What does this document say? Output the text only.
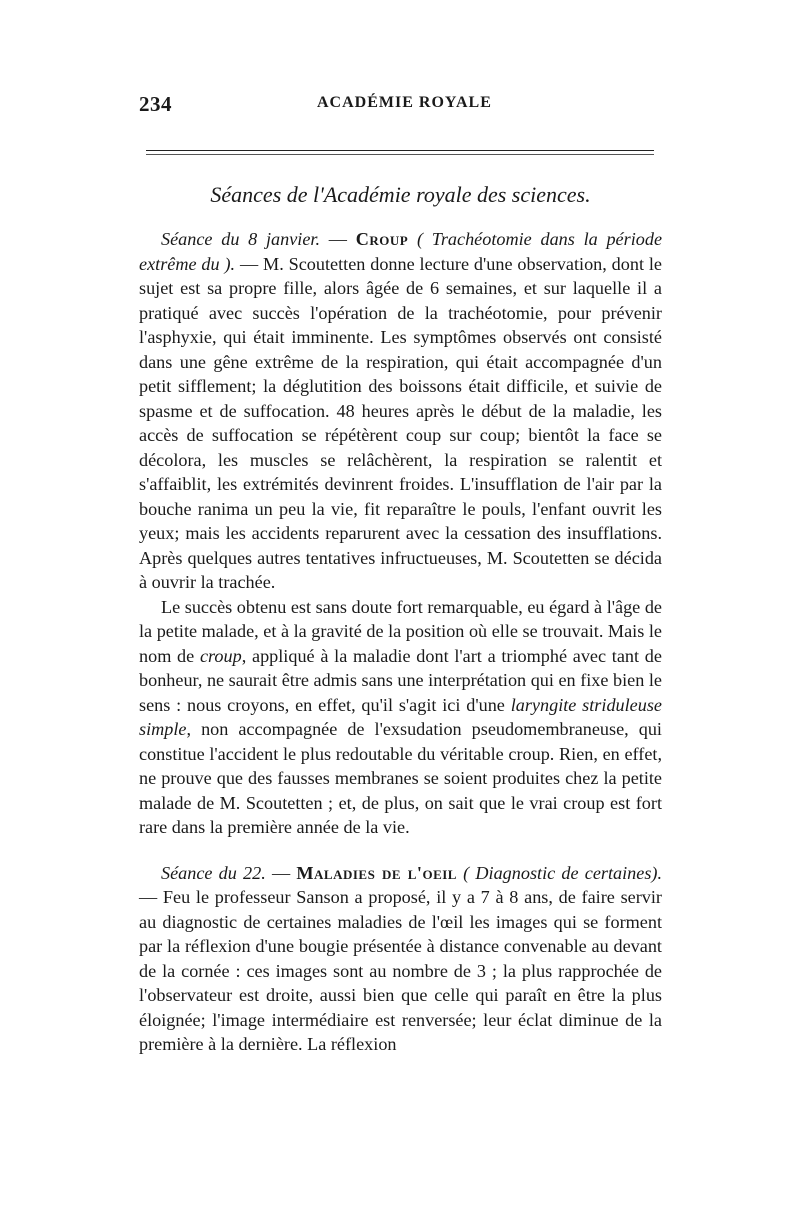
234	ACADÉMIE ROYALE
Séances de l'Académie royale des sciences.

Séance du 8 janvier. — Croup ( Trachéotomie dans la période extrême du ). — M. Scoutetten donne lecture d'une observation, dont le sujet est sa propre fille, alors âgée de 6 semaines, et sur laquelle il a pratiqué avec succès l'opération de la trachéotomie, pour prévenir l'asphyxie, qui était imminente. Les symptômes observés ont consisté dans une gêne extrême de la respiration, qui était accompagnée d'un petit sifflement; la déglutition des boissons était difficile, et suivie de spasme et de suffocation. 48 heures après le début de la maladie, les accès de suffocation se répétèrent coup sur coup; bientôt la face se décolora, les muscles se relâchèrent, la respiration se ralentit et s'affaiblit, les extrémités devinrent froides. L'insufflation de l'air par la bouche ranima un peu la vie, fit reparaître le pouls, l'enfant ouvrit les yeux; mais les accidents reparurent avec la cessation des insufflations. Après quelques autres tentatives infructueuses, M. Scoutetten se décida à ouvrir la trachée.

Le succès obtenu est sans doute fort remarquable, eu égard à l'âge de la petite malade, et à la gravité de la position où elle se trouvait. Mais le nom de croup, appliqué à la maladie dont l'art a triomphé avec tant de bonheur, ne saurait être admis sans une interprétation qui en fixe bien le sens : nous croyons, en effet, qu'il s'agit ici d'une laryngite striduleuse simple, non accompagnée de l'exsudation pseudomembraneuse, qui constitue l'accident le plus redoutable du véritable croup. Rien, en effet, ne prouve que des fausses membranes se soient produites chez la petite malade de M. Scoutetten ; et, de plus, on sait que le vrai croup est fort rare dans la première année de la vie.

Séance du 22. — Maladies de l'oeil ( Diagnostic de certaines). — Feu le professeur Sanson a proposé, il y a 7 à 8 ans, de faire servir au diagnostic de certaines maladies de l'œil les images qui se forment par la réflexion d'une bougie présentée à distance convenable au devant de la cornée : ces images sont au nombre de 3 ; la plus rapprochée de l'observateur est droite, aussi bien que celle qui paraît en être la plus éloignée; l'image intermédiaire est renversée; leur éclat diminue de la première à la dernière. La réflexion
